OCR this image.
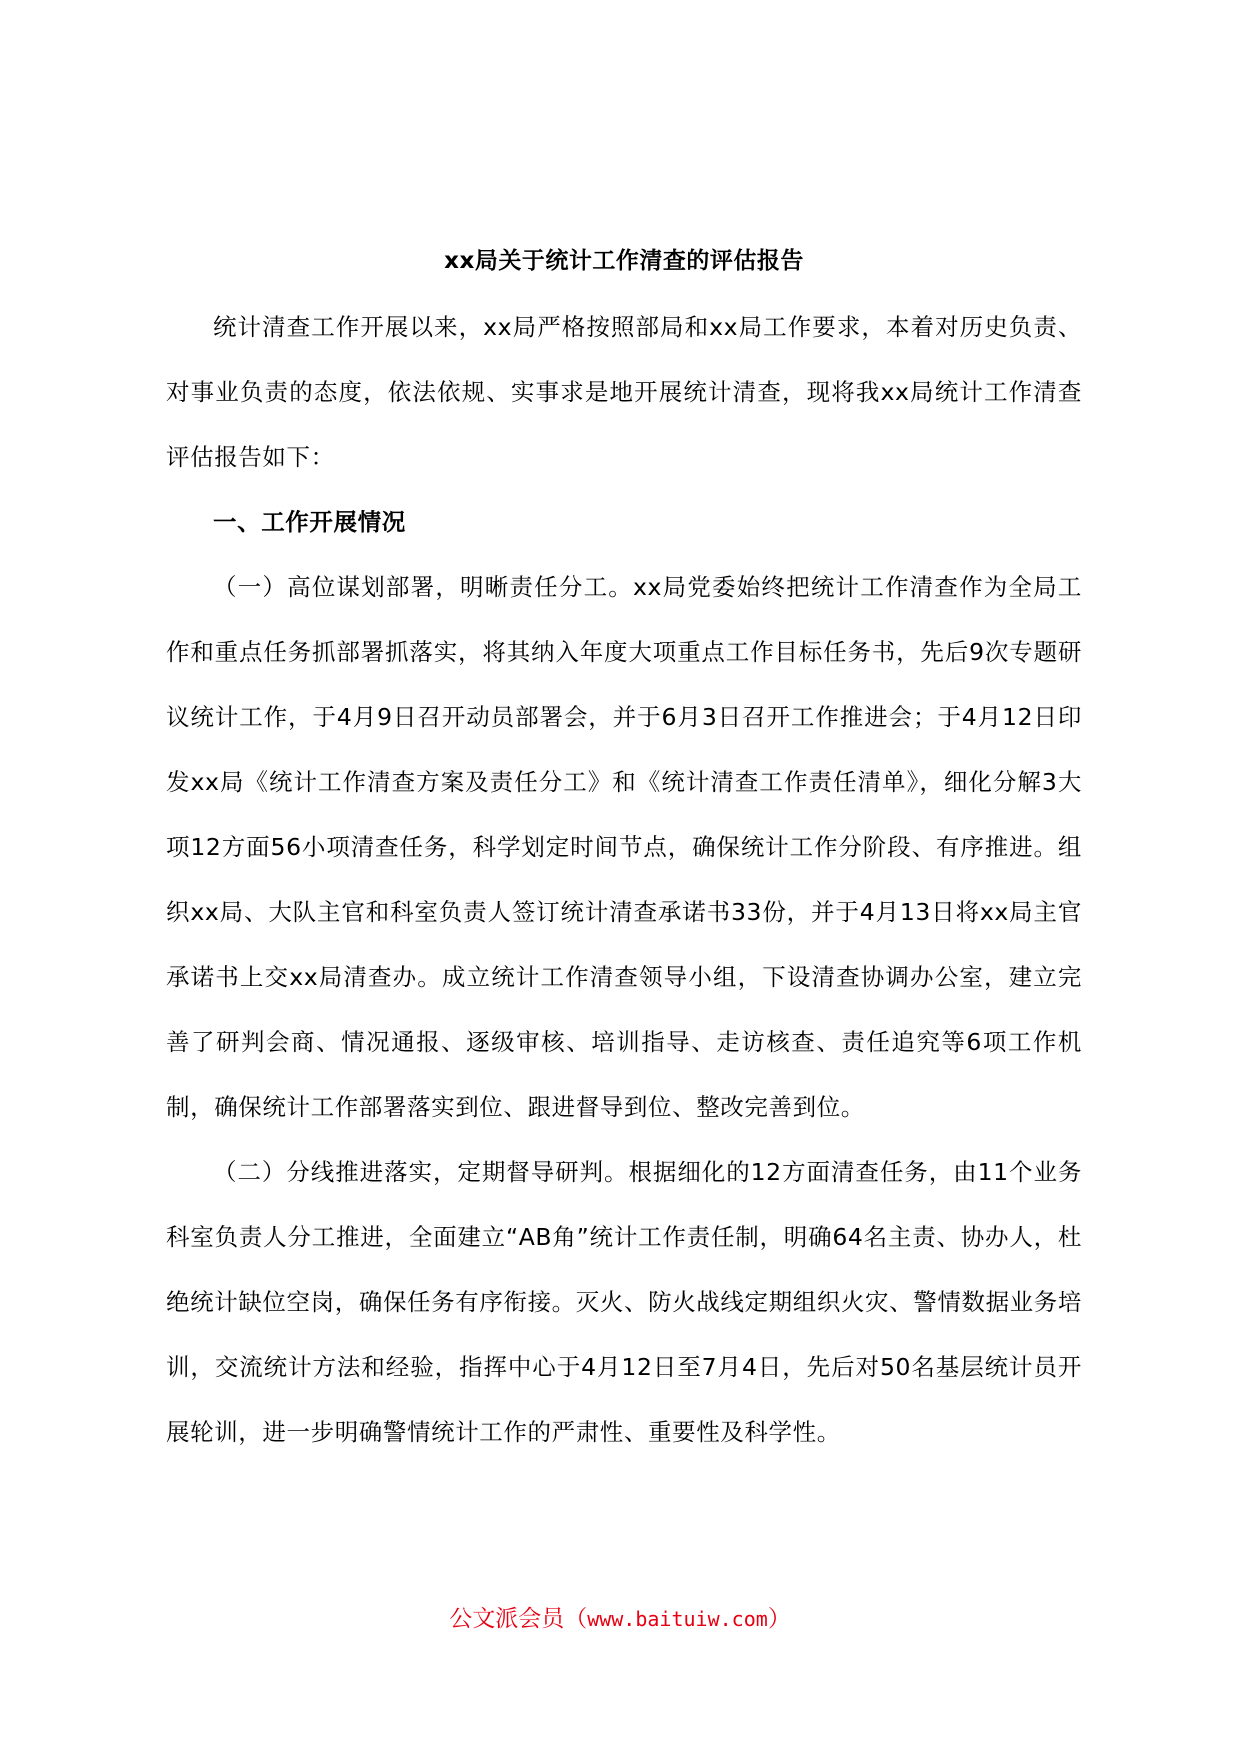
xx局关于统计工作清查的评估报告

统计清查工作开展以来，xx局严格按照部局和xx局工作要求，本着对历史负责、对事业负责的态度，依法依规、实事求是地开展统计清查，现将我xx局统计工作清查评估报告如下：

一、工作开展情况

（一）高位谋划部署，明晰责任分工。xx局党委始终把统计工作清查作为全局工作和重点任务抓部署抓落实，将其纳入年度大项重点工作目标任务书，先后9次专题研议统计工作，于4月9日召开动员部署会，并于6月3日召开工作推进会；于4月12日印发xx局《统计工作清查方案及责任分工》和《统计清查工作责任清单》，细化分解3大项12方面56小项清查任务，科学划定时间节点，确保统计工作分阶段、有序推进。组织xx局、大队主官和科室负责人签订统计清查承诺书33份，并于4月13日将xx局主官承诺书上交xx局清查办。成立统计工作清查领导小组，下设清查协调办公室，建立完善了研判会商、情况通报、逐级审核、培训指导、走访核查、责任追究等6项工作机制，确保统计工作部署落实到位、跟进督导到位、整改完善到位。

（二）分线推进落实，定期督导研判。根据细化的12方面清查任务，由11个业务科室负责人分工推进，全面建立“AB角”统计工作责任制，明确64名主责、协办人，杜绝统计缺位空岗，确保任务有序衔接。灭火、防火战线定期组织火灾、警情数据业务培训，交流统计方法和经验，指挥中心于4月12日至7月4日，先后对50名基层统计员开展轮训，进一步明确警情统计工作的严肃性、重要性及科学性。

公文派会员（www.baituiw.com）
